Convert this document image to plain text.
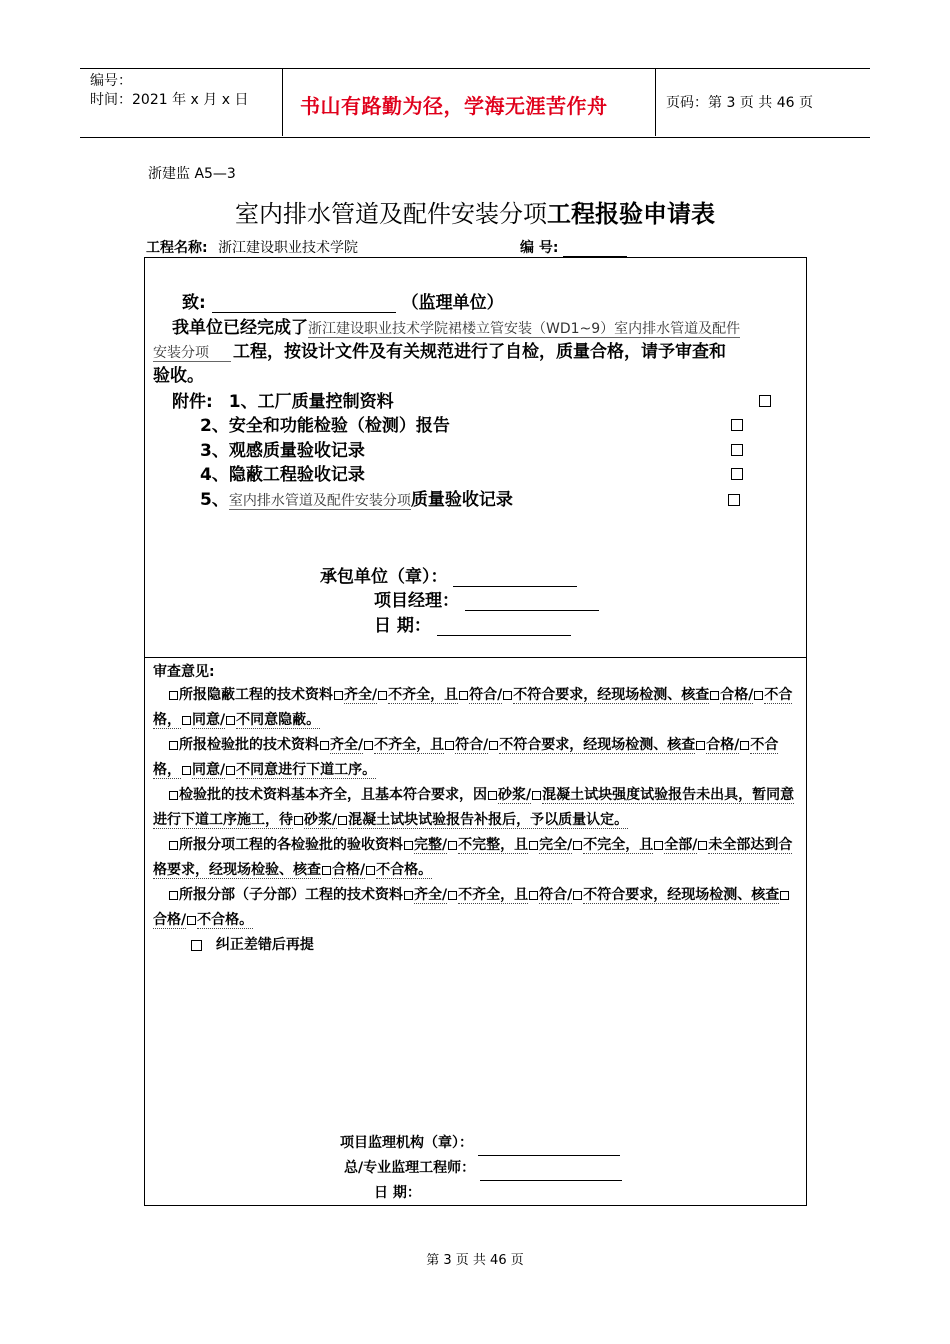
编号：
时间：2021 年 x 月 x 日	书山有路勤为径，学海无涯苦作舟	页码：第 3 页 共 46 页
浙建监 A5—3
室内排水管道及配件安装分项工程报验申请表
工程名称: 浙江建设职业技术学院	编 号:
致:	（监理单位）
我单位已经完成了浙江建设职业技术学院裙楼立管安装（WD1~9）室内排水管道及配件
安装分项 工程，按设计文件及有关规范进行了自检，质量合格，请予审查和
验收。
附件: 1、工厂质量控制资料
2、安全和功能检验（检测）报告
3、观感质量验收记录
4、隐蔽工程验收记录
5、室内排水管道及配件安装分项质量验收记录
承包单位（章）：
项目经理：
日 期：
审查意见:
所报隐蔽工程的技术资料 齐全/ 不齐全，且 符合/ 不符合要求，经现场检测、核查 合格/ 不合格， 同意/ 不同意隐蔽。
所报检验批的技术资料 齐全/ 不齐全，且 符合/ 不符合要求，经现场检测、核查 合格/ 不合格， 同意/ 不同意进行下道工序。
检验批的技术资料基本齐全，且基本符合要求，因 砂浆/ 混凝土试块强度试验报告未出具，暂同意进行下道工序施工，待 砂浆/ 混凝土试块试验报告补报后，予以质量认定。
所报分项工程的各检验批的验收资料 完整/ 不完整，且 完全/ 不完全，且 全部/ 未全部达到合格要求，经现场检验、核查 合格/ 不合格。
所报分部（子分部）工程的技术资料 齐全/ 不齐全，且 符合/ 不符合要求，经现场检测、核查合格/ 不合格。
纠正差错后再提
项目监理机构（章）：
总/专业监理工程师：
日 期：
第 3 页 共 46 页
